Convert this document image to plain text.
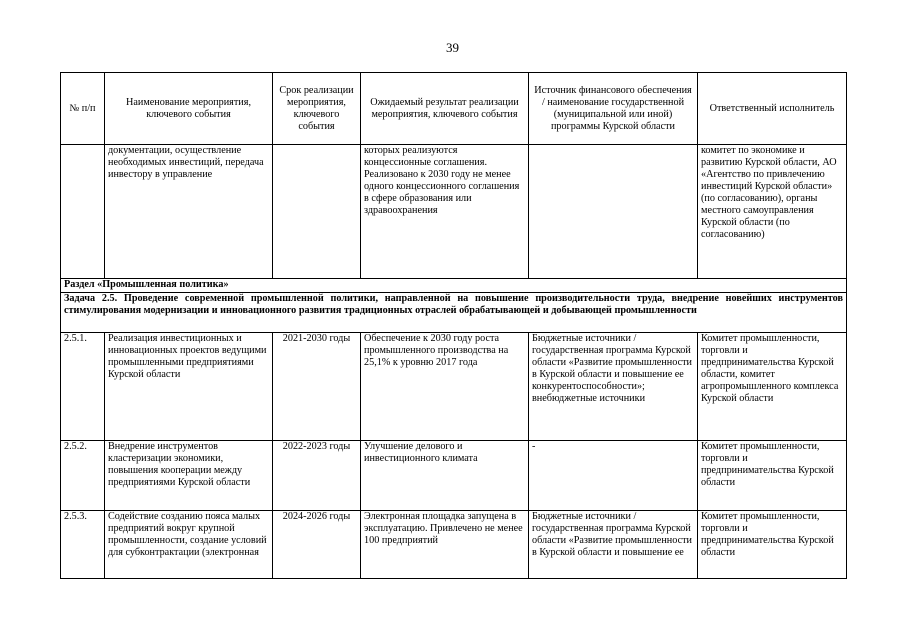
39
№ п/п	Наименование мероприятия, ключевого события	Срок реализации мероприятия, ключевого события	Ожидаемый результат реализации мероприятия, ключевого события	Источник финансового обеспечения / наименование государственной (муниципальной или иной) программы Курской области	Ответственный исполнитель
	документации, осуществление необходимых инвестиций, передача инвестору в управление		которых реализуются концессионные соглашения. Реализовано к 2030 году не менее одного концессионного соглашения в сфере образования или здравоохранения		комитет по экономике и развитию Курской области, АО «Агентство по привлечению инвестиций Курской области» (по согласованию), органы местного самоуправления Курской области (по согласованию)
Раздел «Промышленная политика»					
Задача 2.5. Проведение современной промышленной политики, направленной на повышение производительности труда, внедрение новейших инструментов стимулирования модернизации и инновационного развития традиционных отраслей обрабатывающей и добывающей промышленности					
2.5.1.	Реализация инвестиционных и инновационных проектов ведущими промышленными предприятиями Курской области	2021-2030 годы	Обеспечение к 2030 году роста промышленного производства на 25,1% к уровню 2017 года	Бюджетные источники / государственная программа Курской области «Развитие промышленности в Курской области и повышение ее конкурентоспособности»; внебюджетные источники	Комитет промышленности, торговли и предпринимательства Курской области, комитет агропромышленного комплекса Курской области
2.5.2.	Внедрение инструментов кластеризации экономики, повышения кооперации между предприятиями Курской области	2022-2023 годы	Улучшение делового и инвестиционного климата	-	Комитет промышленности, торговли и предпринимательства Курской области
2.5.3.	Содействие созданию пояса малых предприятий вокруг крупной промышленности, создание условий для субконтрактации (электронная	2024-2026 годы	Электронная площадка запущена в эксплуатацию. Привлечено не менее 100 предприятий	Бюджетные источники / государственная программа Курской области «Развитие промышленности в Курской области и повышение ее	Комитет промышленности, торговли и предпринимательства Курской области
